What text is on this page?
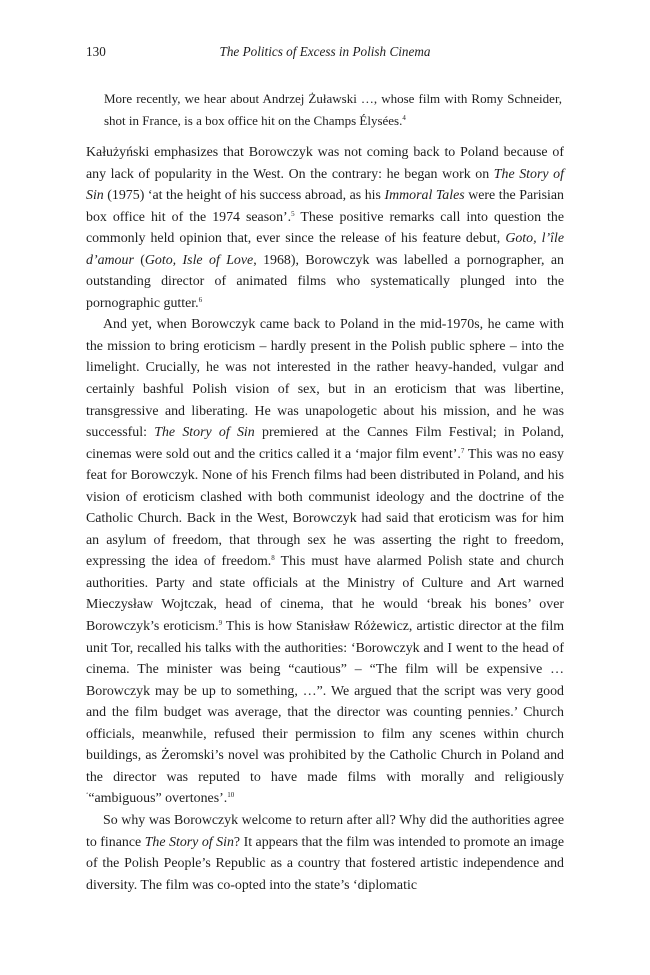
130	The Politics of Excess in Polish Cinema
More recently, we hear about Andrzej Żuławski …, whose film with Romy Schneider, shot in France, is a box office hit on the Champs Élysées.$^4$

Kałużyński emphasizes that Borowczyk was not coming back to Poland because of any lack of popularity in the West. On the contrary: he began work on The Story of Sin (1975) ‘at the height of his success abroad, as his Immoral Tales were the Parisian box office hit of the 1974 season’.$^5$ These positive remarks call into question the commonly held opinion that, ever since the release of his feature debut, Goto, l’île d’amour (Goto, Isle of Love, 1968), Borowczyk was labelled a pornographer, an outstanding director of animated films who systematically plunged into the pornographic gutter.$^6$

And yet, when Borowczyk came back to Poland in the mid-1970s, he came with the mission to bring eroticism – hardly present in the Polish public sphere – into the limelight. Crucially, he was not interested in the rather heavy-handed, vulgar and certainly bashful Polish vision of sex, but in an eroticism that was libertine, transgressive and liberating. He was unapologetic about his mission, and he was successful: The Story of Sin premiered at the Cannes Film Festival; in Poland, cinemas were sold out and the critics called it a ‘major film event’.$^7$ This was no easy feat for Borowczyk. None of his French films had been distributed in Poland, and his vision of eroticism clashed with both communist ideology and the doctrine of the Catholic Church. Back in the West, Borowczyk had said that eroticism was for him an asylum of freedom, that through sex he was asserting the right to freedom, expressing the idea of freedom.$^8$ This must have alarmed Polish state and church authorities. Party and state officials at the Ministry of Culture and Art warned Mieczysław Wojtczak, head of cinema, that he would ‘break his bones’ over Borowczyk’s eroticism.$^9$ This is how Stanisław Różewicz, artistic director at the film unit Tor, recalled his talks with the authorities: ‘Borowczyk and I went to the head of cinema. The minister was being “cautious” – “The film will be expensive … Borowczyk may be up to something, …”. We argued that the script was very good and the film budget was average, that the director was counting pennies.’ Church officials, meanwhile, refused their permission to film any scenes within church buildings, as Żeromski’s novel was prohibited by the Catholic Church in Poland and the director was reputed to have made films with morally and religiously ‘“ambiguous” overtones’.$^{10}$

So why was Borowczyk welcome to return after all? Why did the authorities agree to finance The Story of Sin? It appears that the film was intended to promote an image of the Polish People’s Republic as a country that fostered artistic independence and diversity. The film was co-opted into the state’s ‘diplomatic
